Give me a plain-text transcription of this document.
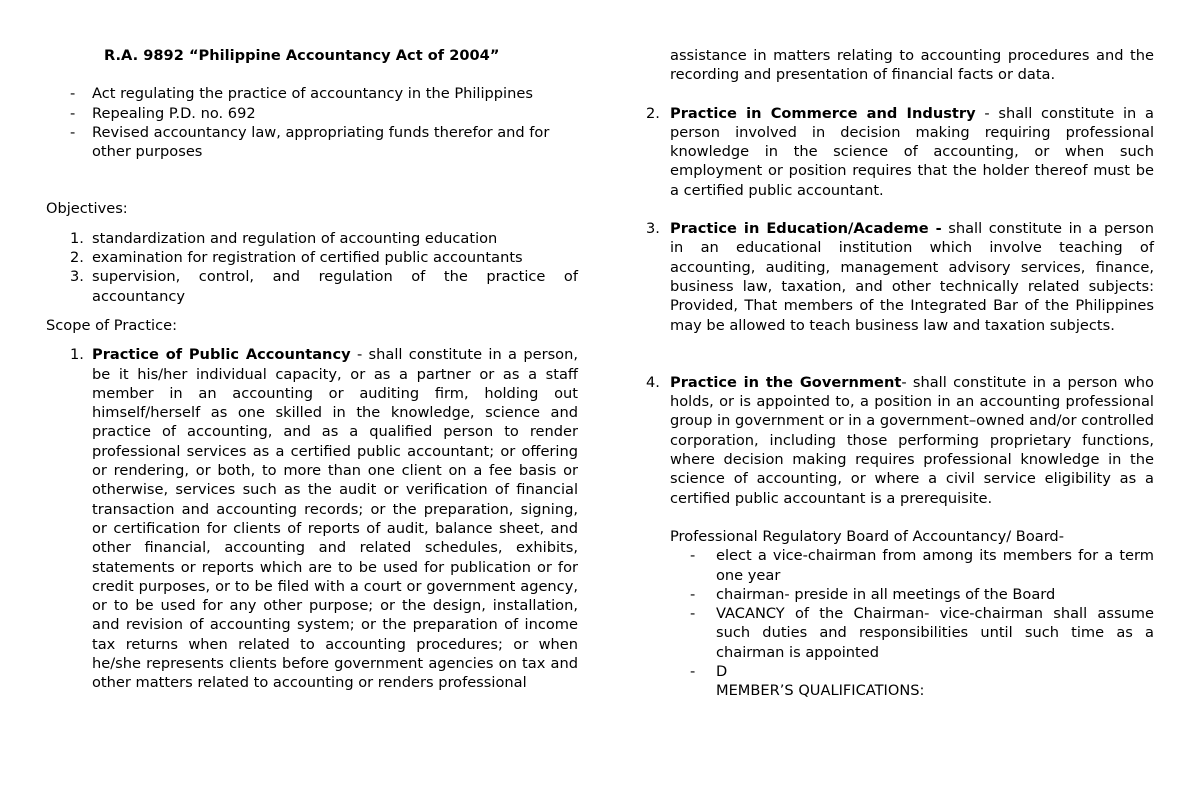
R.A. 9892 “Philippine Accountancy Act of 2004”
- Act regulating the practice of accountancy in the Philippines
- Repealing P.D. no. 692
- Revised accountancy law, appropriating funds therefor and for other purposes
Objectives:
1. standardization and regulation of accounting education
2. examination for registration of certified public accountants
3. supervision, control, and regulation of the practice of accountancy
Scope of Practice:
1. Practice of Public Accountancy - shall constitute in a person, be it his/her individual capacity, or as a partner or as a staff member in an accounting or auditing firm, holding out himself/herself as one skilled in the knowledge, science and practice of accounting, and as a qualified person to render professional services as a certified public accountant; or offering or rendering, or both, to more than one client on a fee basis or otherwise, services such as the audit or verification of financial transaction and accounting records; or the preparation, signing, or certification for clients of reports of audit, balance sheet, and other financial, accounting and related schedules, exhibits, statements or reports which are to be used for publication or for credit purposes, or to be filed with a court or government agency, or to be used for any other purpose; or the design, installation, and revision of accounting system; or the preparation of income tax returns when related to accounting procedures; or when he/she represents clients before government agencies on tax and other matters related to accounting or renders professional
assistance in matters relating to accounting procedures and the recording and presentation of financial facts or data.
2. Practice in Commerce and Industry - shall constitute in a person involved in decision making requiring professional knowledge in the science of accounting, or when such employment or position requires that the holder thereof must be a certified public accountant.
3. Practice in Education/Academe - shall constitute in a person in an educational institution which involve teaching of accounting, auditing, management advisory services, finance, business law, taxation, and other technically related subjects: Provided, That members of the Integrated Bar of the Philippines may be allowed to teach business law and taxation subjects.
4. Practice in the Government- shall constitute in a person who holds, or is appointed to, a position in an accounting professional group in government or in a government–owned and/or controlled corporation, including those performing proprietary functions, where decision making requires professional knowledge in the science of accounting, or where a civil service eligibility as a certified public accountant is a prerequisite.
Professional Regulatory Board of Accountancy/ Board-
- elect a vice-chairman from among its members for a term one year
- chairman- preside in all meetings of the Board
- VACANCY of the Chairman- vice-chairman shall assume such duties and responsibilities until such time as a chairman is appointed
- D
MEMBER’S QUALIFICATIONS:
